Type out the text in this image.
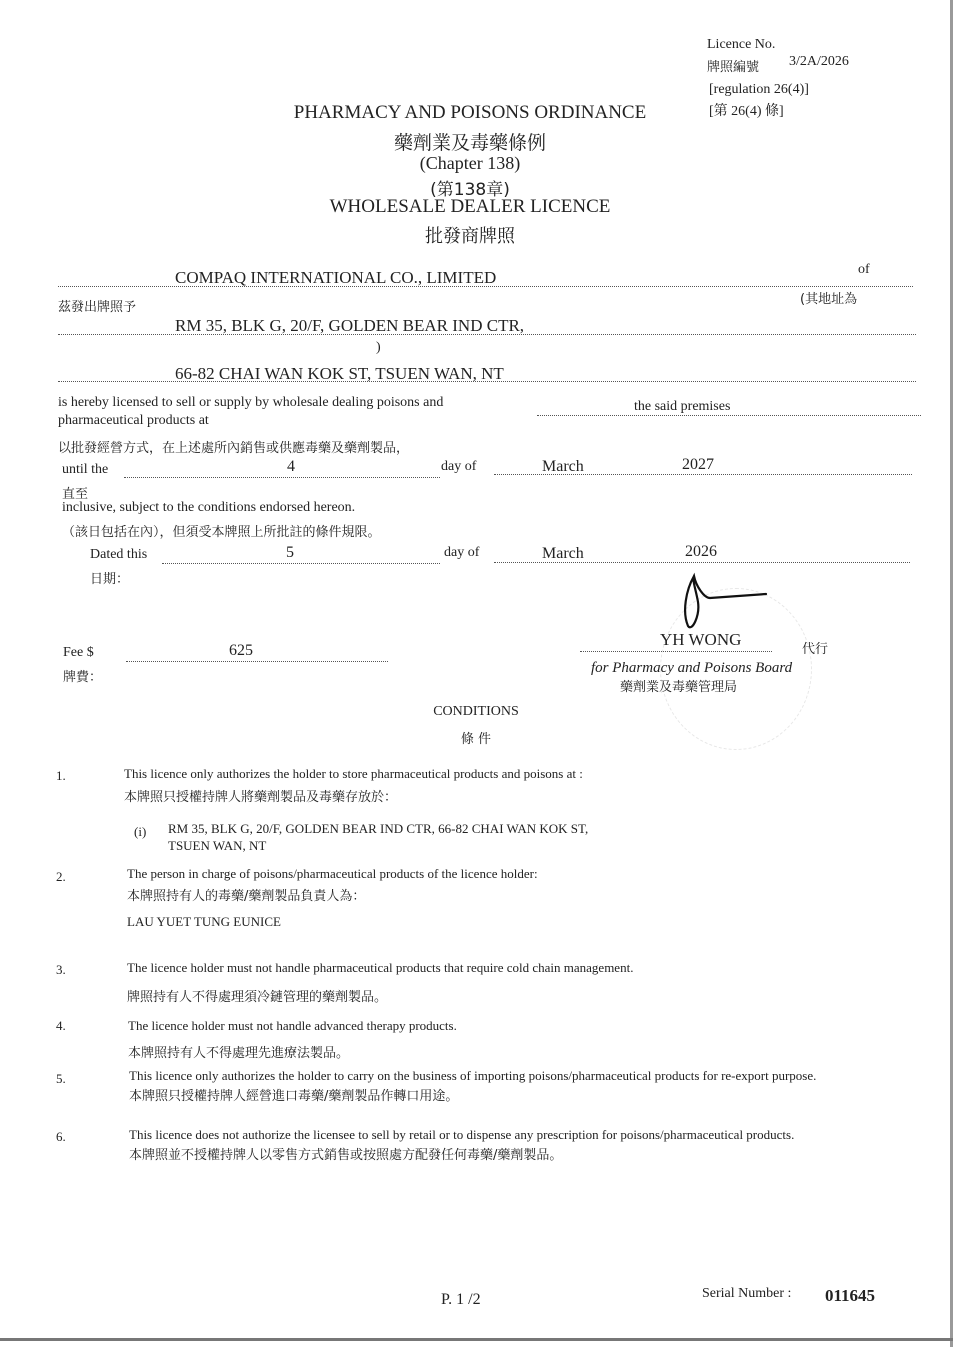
Licence No.
牌照編號 3/2A/2026
[regulation 26(4)]
[第 26(4) 條]
PHARMACY AND POISONS ORDINANCE
藥劑業及毒藥條例
(Chapter 138)
(第138章)
WHOLESALE DEALER LICENCE
批發商牌照
COMPAQ INTERNATIONAL CO., LIMITED	of
茲發出牌照予
(其地址為
RM 35, BLK G, 20/F, GOLDEN BEAR IND CTR,
)
66-82 CHAI WAN KOK ST, TSUEN WAN, NT
is hereby licensed to sell or supply by wholesale dealing poisons and
pharmaceutical products at
the said premises
以批發經營方式，在上述處所內銷售或供應毒藥及藥劑製品，
until the	4	day of	March	2027
直至
inclusive, subject to the conditions endorsed hereon.
（該日包括在內），但須受本牌照上所批註的條件規限。
Dated this	5	day of	March	2026
日期：
Fee $
牌費：
625
YH WONG
代行
for Pharmacy and Poisons Board
藥劑業及毒藥管理局
CONDITIONS
條 件
1.	This licence only authorizes the holder to store pharmaceutical products and poisons at :
本牌照只授權持牌人將藥劑製品及毒藥存放於：
(i) RM 35, BLK G, 20/F, GOLDEN BEAR IND CTR, 66-82 CHAI WAN KOK ST,
TSUEN WAN, NT
2.	The person in charge of poisons/pharmaceutical products of the licence holder:
本牌照持有人的毒藥/藥劑製品負責人為：
LAU YUET TUNG EUNICE
3.	The licence holder must not handle pharmaceutical products that require cold chain management.
牌照持有人不得處理須冷鏈管理的藥劑製品。
4.	The licence holder must not handle advanced therapy products.
本牌照持有人不得處理先進療法製品。
5.	This licence only authorizes the holder to carry on the business of importing poisons/pharmaceutical products for re-export purpose.
本牌照只授權持牌人經營進口毒藥/藥劑製品作轉口用途。
6.	This licence does not authorize the licensee to sell by retail or to dispense any prescription for poisons/pharmaceutical products.
本牌照並不授權持牌人以零售方式銷售或按照處方配發任何毒藥/藥劑製品。
P. 1 /2	Serial Number : 011645
